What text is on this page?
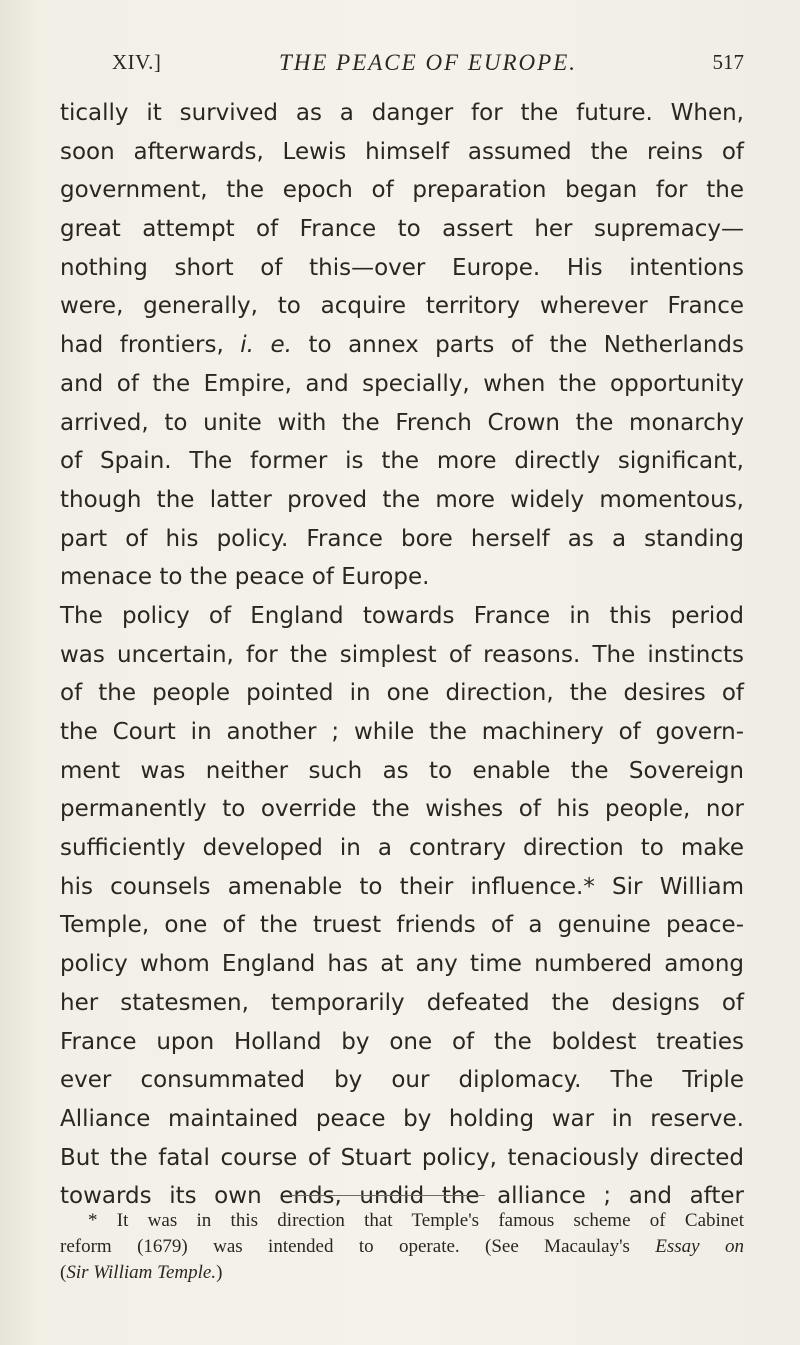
XIV.]	THE PEACE OF EUROPE.	517
tically it survived as a danger for the future. When,
soon afterwards, Lewis himself assumed the reins of
government, the epoch of preparation began for the
great attempt of France to assert her supremacy—
nothing short of this—over Europe. His intentions
were, generally, to acquire territory wherever France
had frontiers, i. e. to annex parts of the Netherlands
and of the Empire, and specially, when the opportunity
arrived, to unite with the French Crown the monarchy
of Spain. The former is the more directly significant,
though the latter proved the more widely momentous,
part of his policy. France bore herself as a standing
menace to the peace of Europe.
The policy of England towards France in this period
was uncertain, for the simplest of reasons. The instincts
of the people pointed in one direction, the desires of
the Court in another ; while the machinery of govern-
ment was neither such as to enable the Sovereign
permanently to override the wishes of his people, nor
sufficiently developed in a contrary direction to make
his counsels amenable to their influence.* Sir William
Temple, one of the truest friends of a genuine peace-
policy whom England has at any time numbered among
her statesmen, temporarily defeated the designs of
France upon Holland by one of the boldest treaties
ever consummated by our diplomacy. The Triple
Alliance maintained peace by holding war in reserve.
But the fatal course of Stuart policy, tenaciously directed
towards its own ends, undid the alliance ; and after
* It was in this direction that Temple's famous scheme of Cabinet
reform (1679) was intended to operate. (See Macaulay's Essay on
(Sir William Temple.)
